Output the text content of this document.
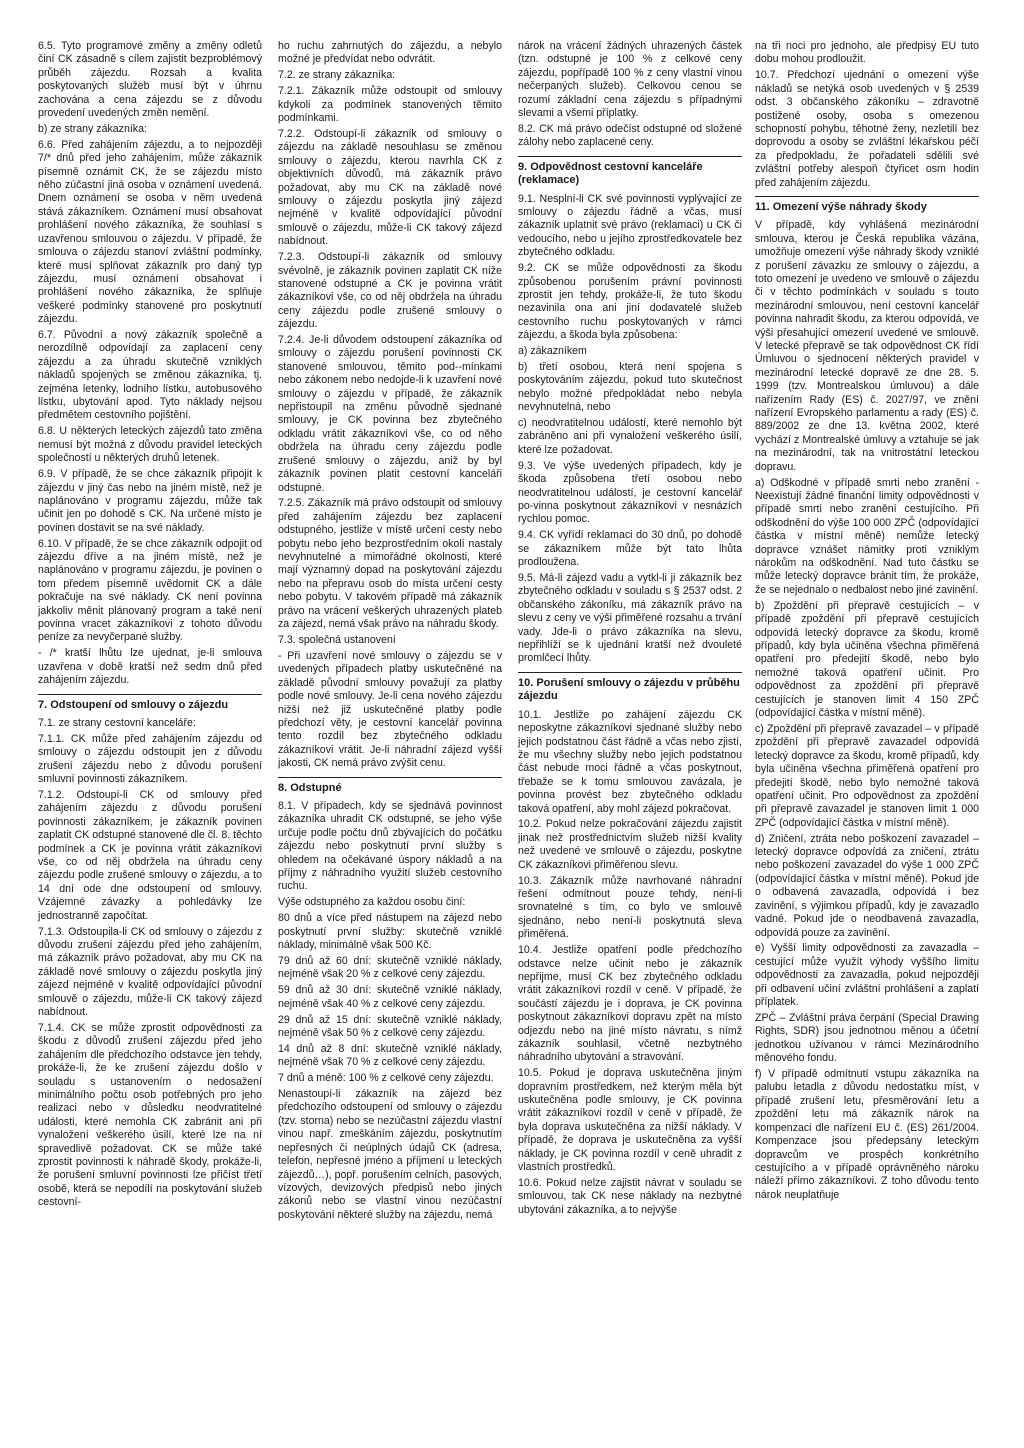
6.5. Tyto programové změny a změny odletů činí CK zásadně s cílem zajistit bezproblémový průběh zájezdu. Rozsah a kvalita poskytovaných služeb musí být v úhrnu zachována a cena zájezdu se z důvodu provedení uvedených změn nemění.

b) ze strany zákazníka:

6.6. Před zahájením zájezdu, a to nejpozději 7/* dnů před jeho zahájením, může zákazník písemně oznámit CK, že se zájezdu místo něho zúčastní jiná osoba v oznámení uvedená. Dnem oznámení se osoba v něm uvedená stává zákazníkem. Oznámení musí obsahovat prohlášení nového zákazníka, že souhlasí s uzavřenou smlouvou o zájezdu. V případě, že smlouva o zájezdu stanoví zvláštní podmínky, které musí splňovat zákazník pro daný typ zájezdu, musí oznámení obsahovat i prohlášení nového zákazníka, že splňuje veškeré podmínky stanovené pro poskytnutí zájezdu.

6.7. Původní a nový zákazník společně a nerozdílně odpovídají za zaplacení ceny zájezdu a za úhradu skutečně vzniklých nákladů spojených se změnou zákazníka, tj. zejména letenky, lodního lístku, autobusového lístku, ubytování apod. Tyto náklady nejsou předmětem cestovního pojištění.

6.8. U některých leteckých zájezdů tato změna nemusí být možná z důvodu pravidel leteckých společností u některých druhů letenek.

6.9. V případě, že se chce zákazník připojit k zájezdu v jiný čas nebo na jiném místě, než je naplánováno v programu zájezdu, může tak učinit jen po dohodě s CK. Na určené místo je povinen dostavit se na své náklady.

6.10. V případě, že se chce zákazník odpojit od zájezdu dříve a na jiném místě, než je naplánováno v programu zájezdu, je povinen o tom předem písemně uvědomit CK a dále pokračuje na své náklady. CK není povinna jakkoliv měnit plánovaný program a také není povinna vracet zákazníkovi z tohoto důvodu peníze za nevyčerpané služby.

- /* kratší lhůtu lze ujednat, je-li smlouva uzavřena v době kratší než sedm dnů před zahájením zájezdu.

7. Odstoupení od smlouvy o zájezdu

7.1. ze strany cestovní kanceláře:

7.1.1. CK může před zahájením zájezdu od smlouvy o zájezdu odstoupit jen z důvodu zrušení zájezdu nebo z důvodu porušení smluvní povinnosti zákazníkem.

7.1.2. Odstoupí-li CK od smlouvy před zahájením zájezdu z důvodu porušení povinnosti zákazníkem, je zákazník povinen zaplatit CK odstupné stanovené dle čl. 8. těchto podmínek a CK je povinna vrátit zákazníkovi vše, co od něj obdržela na úhradu ceny zájezdu podle zrušené smlouvy o zájezdu, a to 14 dní ode dne odstoupení od smlouvy. Vzájemné závazky a pohledávky lze jednostranně započítat.

7.1.3. Odstoupila-li CK od smlouvy o zájezdu z důvodu zrušení zájezdu před jeho zahájením, má zákazník právo požadovat, aby mu CK na základě nové smlouvy o zájezdu poskytla jiný zájezd nejméně v kvalitě odpovídající původní smlouvě o zájezdu, může-li CK takový zájezd nabídnout.

7.1.4. CK se může zprostit odpovědnosti za škodu z důvodů zrušení zájezdu před jeho zahájením dle předchozího odstavce jen tehdy, prokáže-li, že ke zrušení zájezdu došlo v souladu s ustanovením o nedosažení minimálního počtu osob potřebných pro jeho realizaci nebo v důsledku neodvratitelné události, které nemohla CK zabránit ani při vynaložení veškerého úsilí, které lze na ní spravedlivě požadovat. CK se může také zprostit povinnosti k náhradě škody, prokáže-li, že porušení smluvní povinnosti lze přičíst třetí osobě, která se nepodílí na poskytování služeb cestovní-

ho ruchu zahrnutých do zájezdu, a nebylo možné je předvídat nebo odvrátit.

7.2. ze strany zákazníka:

7.2.1. Zákazník může odstoupit od smlouvy kdykoli za podmínek stanovených těmito podmínkami.

7.2.2. Odstoupí-li zákazník od smlouvy o zájezdu na základě nesouhlasu se změnou smlouvy o zájezdu, kterou navrhla CK z objektivních důvodů, má zákazník právo požadovat, aby mu CK na základě nové smlouvy o zájezdu poskytla jiný zájezd nejméně v kvalitě odpovídající původní smlouvě o zájezdu, může-li CK takový zájezd nabídnout.

7.2.3. Odstoupí-li zákazník od smlouvy svévolně, je zákazník povinen zaplatit CK níže stanovené odstupné a CK je povinna vrátit zákazníkovi vše, co od něj obdržela na úhradu ceny zájezdu podle zrušené smlouvy o zájezdu.

7.2.4. Je-li důvodem odstoupení zákazníka od smlouvy o zájezdu porušení povinnosti CK stanovené smlouvou, těmito pod--mínkami nebo zákonem nebo nedojde-li k uzavření nové smlouvy o zájezdu v případě, že zákazník nepřistoupil na změnu původně sjednané smlouvy, je CK povinna bez zbytečného odkladu vrátit zákazníkovi vše, co od něho obdržela na úhradu ceny zájezdu podle zrušené smlouvy o zájezdu, aniž by byl zákazník povinen platit cestovní kanceláři odstupné.

7.2.5. Zákazník má právo odstoupit od smlouvy před zahájením zájezdu bez zaplacení odstupného, jestliže v místě určení cesty nebo pobytu nebo jeho bezprostředním okolí nastaly nevyhnutelné a mimořádné okolnosti, které mají významný dopad na poskytování zájezdu nebo na přepravu osob do místa určení cesty nebo pobytu. V takovém případě má zákazník právo na vrácení veškerých uhrazených plateb za zájezd, nemá však právo na náhradu škody.

7.3. společná ustanovení

- Při uzavření nové smlouvy o zájezdu se v uvedených případech platby uskutečněné na základě původní smlouvy považují za platby podle nové smlouvy. Je-li cena nového zájezdu nižší než již uskutečněné platby podle předchozí věty, je cestovní kancelář povinna tento rozdíl bez zbytečného odkladu zákazníkovi vrátit. Je-li náhradní zájezd vyšší jakosti, CK nemá právo zvýšit cenu.

8. Odstupné

8.1. V případech, kdy se sjednává povinnost zákazníka uhradit CK odstupné, se jeho výše určuje podle počtu dnů zbývajících do počátku zájezdu nebo poskytnutí první služby s ohledem na očekávané úspory nákladů a na příjmy z náhradního využití služeb cestovního ruchu.

Výše odstupného za každou osobu činí:

80 dnů a více před nástupem na zájezd nebo poskytnutí první služby: skutečně vzniklé náklady, minimálně však 500 Kč.

79 dnů až 60 dní: skutečně vzniklé náklady, nejméně však 20 % z celkové ceny zájezdu.

59 dnů až 30 dní: skutečně vzniklé náklady, nejméně však 40 % z celkové ceny zájezdu.

29 dnů až 15 dní: skutečně vzniklé náklady, nejméně však 50 % z celkové ceny zájezdu.

14 dnů až 8 dní: skutečně vzniklé náklady, nejméně však 70 % z celkové ceny zájezdu.

7 dnů a méně: 100 % z celkové ceny zájezdu.

Nenastoupí-li zákazník na zájezd bez předchozího odstoupení od smlouvy o zájezdu (tzv. storna) nebo se nezúčastní zájezdu vlastní vinou např. zmeškáním zájezdu, poskytnutím nepřesných či neúplných údajů CK (adresa, telefon, nepřesné jméno a příjmení u leteckých zájezdů…), popř. porušením celních, pasových, vízových, devizových předpisů nebo jiných zákonů nebo se vlastní vinou nezúčastní poskytování některé služby na zájezdu, nemá

nárok na vrácení žádných uhrazených částek (tzn. odstupné je 100 % z celkové ceny zájezdu, popřípadě 100 % z ceny vlastní vinou nečerpaných služeb). Celkovou cenou se rozumí základní cena zájezdu s případnými slevami a všemi příplatky.

8.2. CK má právo odečíst odstupné od složené zálohy nebo zaplacené ceny.

9. Odpovědnost cestovní kanceláře (reklamace)

9.1. Nesplní-li CK své povinnosti vyplývající ze smlouvy o zájezdu řádně a včas, musí zákazník uplatnit své právo (reklamaci) u CK či vedoucího, nebo u jejího zprostředkovatele bez zbytečného odkladu.

9.2. CK se může odpovědnosti za škodu způsobenou porušením právní povinnosti zprostit jen tehdy, prokáže-li, že tuto škodu nezavinila ona ani jiní dodavatelé služeb cestovního ruchu poskytovaných v rámci zájezdu, a škoda byla způsobena:

a) zákazníkem

b) třetí osobou, která není spojena s poskytováním zájezdu, pokud tuto skutečnost nebylo možné předpokládat nebo nebyla nevyhnutelná, nebo

c) neodvratitelnou událostí, které nemohlo být zabráněno ani při vynaložení veškerého úsilí, které lze požadovat.

9.3. Ve výše uvedených případech, kdy je škoda způsobena třetí osobou nebo neodvratitelnou událostí, je cestovní kancelář po-vinna poskytnout zákazníkovi v nesnázích rychlou pomoc.

9.4. CK vyřídí reklamaci do 30 dnů, po dohodě se zákazníkem může být tato lhůta prodloužena.

9.5. Má-li zájezd vadu a vytkl-li ji zákazník bez zbytečného odkladu v souladu s § 2537 odst. 2 občanského zákoníku, má zákazník právo na slevu z ceny ve výši přiměřené rozsahu a trvání vady. Jde-li o právo zákazníka na slevu, nepřihlíží se k ujednání kratší než dvouleté promlčecí lhůty.

10. Porušení smlouvy o zájezdu v průběhu zájezdu

10.1. Jestliže po zahájení zájezdu CK neposkytne zákazníkovi sjednané služby nebo jejich podstatnou část řádně a včas nebo zjistí, že mu všechny služby nebo jejich podstatnou část nebude moci řádně a včas poskytnout, třebaže se k tomu smlouvou zavázala, je povinna provést bez zbytečného odkladu taková opatření, aby mohl zájezd pokračovat.

10.2. Pokud nelze pokračování zájezdu zajistit jinak než prostřednictvím služeb nižší kvality než uvedené ve smlouvě o zájezdu, poskytne CK zákazníkovi přiměřenou slevu.

10.3. Zákazník může navrhované náhradní řešení odmítnout pouze tehdy, není-li srovnatelné s tím, co bylo ve smlouvě sjednáno, nebo není-li poskytnutá sleva přiměřená.

10.4. Jestliže opatření podle předchozího odstavce nelze učinit nebo je zákazník nepřijme, musí CK bez zbytečného odkladu vrátit zákazníkovi rozdíl v ceně. V případě, že součástí zájezdu je i doprava, je CK povinna poskytnout zákazníkovi dopravu zpět na místo odjezdu nebo na jiné místo návratu, s nímž zákazník souhlasil, včetně nezbytného náhradního ubytování a stravování.

10.5. Pokud je doprava uskutečněna jiným dopravním prostředkem, než kterým měla být uskutečněna podle smlouvy, je CK povinna vrátit zákazníkovi rozdíl v ceně v případě, že byla doprava uskutečněna za nižší náklady. V případě, že doprava je uskutečněna za vyšší náklady, je CK povinna rozdíl v ceně uhradit z vlastních prostředků.

10.6. Pokud nelze zajistit návrat v souladu se smlouvou, tak CK nese náklady na nezbytné ubytování zákazníka, a to nejvýše

na tři noci pro jednoho, ale předpisy EU tuto dobu mohou prodloužit.

10.7. Předchozí ujednání o omezení výše nákladů se netýká osob uvedených v § 2539 odst. 3 občanského zákoníku – zdravotně postižené osoby, osoba s omezenou schopností pohybu, těhotné ženy, nezletilí bez doprovodu a osoby se zvláštní lékařskou péčí za předpokladu, že pořadateli sdělili své zvláštní potřeby alespoň čtyřicet osm hodin před zahájením zájezdu.

11. Omezení výše náhrady škody

V případě, kdy vyhlášená mezinárodní smlouva, kterou je Česká republika vázána, umožňuje omezení výše náhrady škody vzniklé z porušení závazku ze smlouvy o zájezdu, a toto omezení je uvedeno ve smlouvě o zájezdu či v těchto podmínkách v souladu s touto mezinárodní smlouvou, není cestovní kancelář povinna nahradit škodu, za kterou odpovídá, ve výši přesahující omezení uvedené ve smlouvě. V letecké přepravě se tak odpovědnost CK řídí Úmluvou o sjednocení některých pravidel v mezinárodní letecké dopravě ze dne 28. 5. 1999 (tzv. Montrealskou úmluvou) a dále nařízením Rady (ES) č. 2027/97, ve znění nařízení Evropského parlamentu a rady (ES) č. 889/2002 ze dne 13. května 2002, které vychází z Montrealské úmluvy a vztahuje se jak na mezinárodní, tak na vnitrostátní leteckou dopravu.

a) Odškodné v případě smrti nebo zranění - Neexistují žádné finanční limity odpovědnosti v případě smrti nebo zranění cestujícího. Při odškodnění do výše 100 000 ZPČ (odpovídající částka v místní měně) nemůže letecký dopravce vznášet námitky proti vzniklým nárokům na odškodnění. Nad tuto částku se může letecký dopravce bránit tím, že prokáže, že se nejednalo o nedbalost nebo jiné zavinění.

b) Zpoždění při přepravě cestujících – v případě zpoždění při přepravě cestujících odpovídá letecký dopravce za škodu, kromě případů, kdy byla učiněna všechna přiměřená opatření pro předejití škodě, nebo bylo nemožné taková opatření učinit. Pro odpovědnost za zpoždění při přepravě cestujících je stanoven limit 4 150 ZPČ (odpovídající částka v místní měně).

c) Zpoždění při přepravě zavazadel – v případě zpoždění při přepravě zavazadel odpovídá letecký dopravce za škodu, kromě případů, kdy byla učiněna všechna přiměřená opatření pro předejití škodě, nebo bylo nemožné taková opatření učinit. Pro odpovědnost za zpoždění při přepravě zavazadel je stanoven limit 1 000 ZPČ (odpovídající částka v místní měně).

d) Zničení, ztráta nebo poškození zavazadel – letecký dopravce odpovídá za zničení, ztrátu nebo poškození zavazadel do výše 1 000 ZPČ (odpovídající částka v místní měně). Pokud jde o odbavená zavazadla, odpovídá i bez zavinění, s výjimkou případů, kdy je zavazadlo vadné. Pokud jde o neodbavená zavazadla, odpovídá pouze za zavinění.

e) Vyšší limity odpovědnosti za zavazadla – cestující může využít výhody vyššího limitu odpovědnosti za zavazadla, pokud nejpozději při odbavení učiní zvláštní prohlášení a zaplatí příplatek.

ZPČ – Zvláštní práva čerpání (Special Drawing Rights, SDR) jsou jednotnou měnou a účetní jednotkou užívanou v rámci Mezinárodního měnového fondu.

f) V případě odmítnutí vstupu zákazníka na palubu letadla z důvodu nedostatku míst, v případě zrušení letu, přesměrování letu a zpoždění letu má zákazník nárok na kompenzaci dle nařízení EU č. (ES) 261/2004. Kompenzace jsou předepsány leteckým dopravcům ve prospěch konkrétního cestujícího a v případě oprávněného nároku náleží přímo zákazníkovi. Z toho důvodu tento nárok neuplatňuje
